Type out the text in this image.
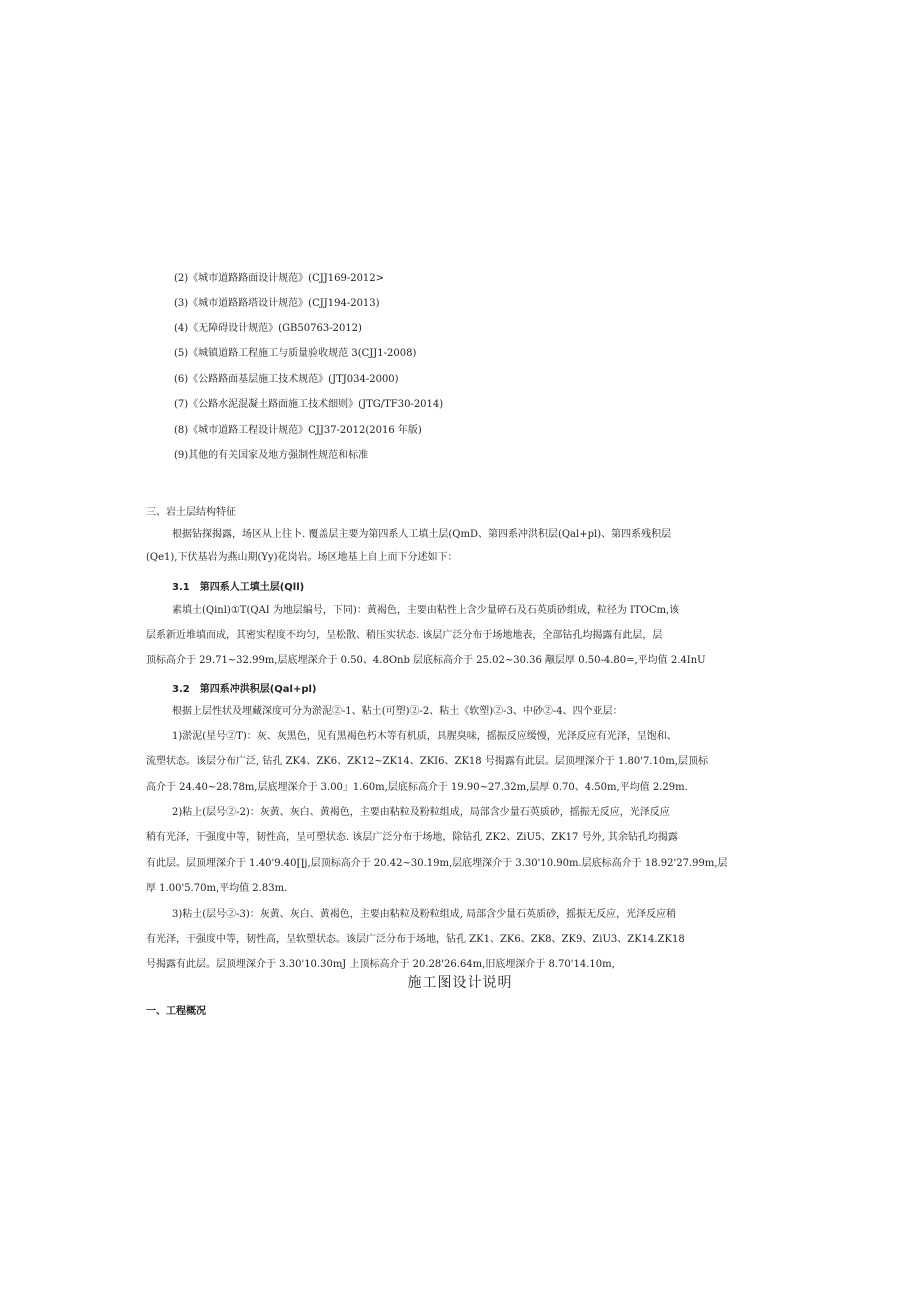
(2)《城市道路路面设计规范》(CJJ169-2012>
(3)《城市道路路塔设计规范》(CJJ194-2013)
(4)《无障碍设计规范》(GB50763-2012)
(5)《城镇道路工程施工与质量验收规范 3(CJJ1-2008)
(6)《公路路面基层施工技术规范》(JTJ034-2000)
(7)《公路水泥混凝土路面施工技术细则》(JTG/TF30-2014)
(8)《城市道路工程设计规范》CJJ37-2012(2016 年版)
(9)其他的有关国家及地方强制性规范和标准
三、岩土层结构特征
根据钻探揭露，场区从上往卜. 覆盖层主要为第四系人工填土层(QmD、第四系冲洪积层(Qal+pl)、第四系残积层
(Qe1),下伏基岩为燕山期(Yy)花岗岩。场区地基上自上而下分述如下：
3.1　第四系人工填土层(Qll)
素填土(Qinl)①T(QAI 为地层编号，下同)：黄褐色，主要由粘性上含少量碎石及石英质砂组成，粒径为 ITOCm,该
层系新近堆填而成，其密实程度不均匀，呈松散、稍压实状态. 该层广泛分布于场地地表，全部钻孔均揭露有此层，层
顶标高介于 29.71~32.99m,层底埋深介于 0.50、4.8Onb 层底标高介于 25.02~30.36 颟层厚 0.50-4.80=,平均值 2.4InU
3.2　第四系冲洪积层(Qal+pl)
根据上层性状及埋藏深度可分为淤泥②-1、粘土(可塑)②-2、粘土《软塑)②-3、中砂②-4、四个亚层：
1)淤泥(星号②T)：灰、灰黑色，见有黑褐色朽木等有机质，具腥臭味，摇振反应缓慢，光泽反应有光泽，呈饱和、
流塑状态。该层分布广泛, 钻孔 ZK4、ZK6、ZK12~ZK14、ZKI6、ZK18 号揭露有此层。层顶埋深介于 1.80'7.10m,层顶标
高介于 24.40~28.78m,层底埋深介于 3.00」1.60m,层底标高介于 19.90~27.32m,层厚 0.70、4.50m,平均值 2.29m.
2)粘上(层号②-2)：灰黄、灰白、黄褐色，主要由粘粒及粉粒组成，局部含少量石英质砂，摇振无反应，光泽反应
稍有光泽，干强度中等，韧性高，呈可塑状态. 该层广泛分布于场地，除钻孔 ZK2、ZiU5、ZK17 号外, 其余钻孔均揭露
有此层。层顶埋深介于 1.40'9.40∏j,层顶标高介于 20.42~30.19m,层底埋深介于 3.30'10.90m.层底标高介于 18.92'27.99m,层
厚 1.00'5.70m,平均值 2.83m.
3)粘土(层号②-3)：灰黄、灰白、黄褐色，主要由粘粒及粉粒组成, 局部含少量石英质砂，摇振无反应，光泽反应稍
有光泽，干强度中等，韧性高，呈软塑状态。该层广泛分布于场地，钻孔 ZK1、ZK6、ZK8、ZK9、ZiU3、ZK14.ZK18
号揭露有此层。层顶埋深介于 3.30'10.30mJ 上顶标高介于 20.28'26.64m,旧底埋深介于 8.70'14.10m,
施工图设计说明
一、工程概况
